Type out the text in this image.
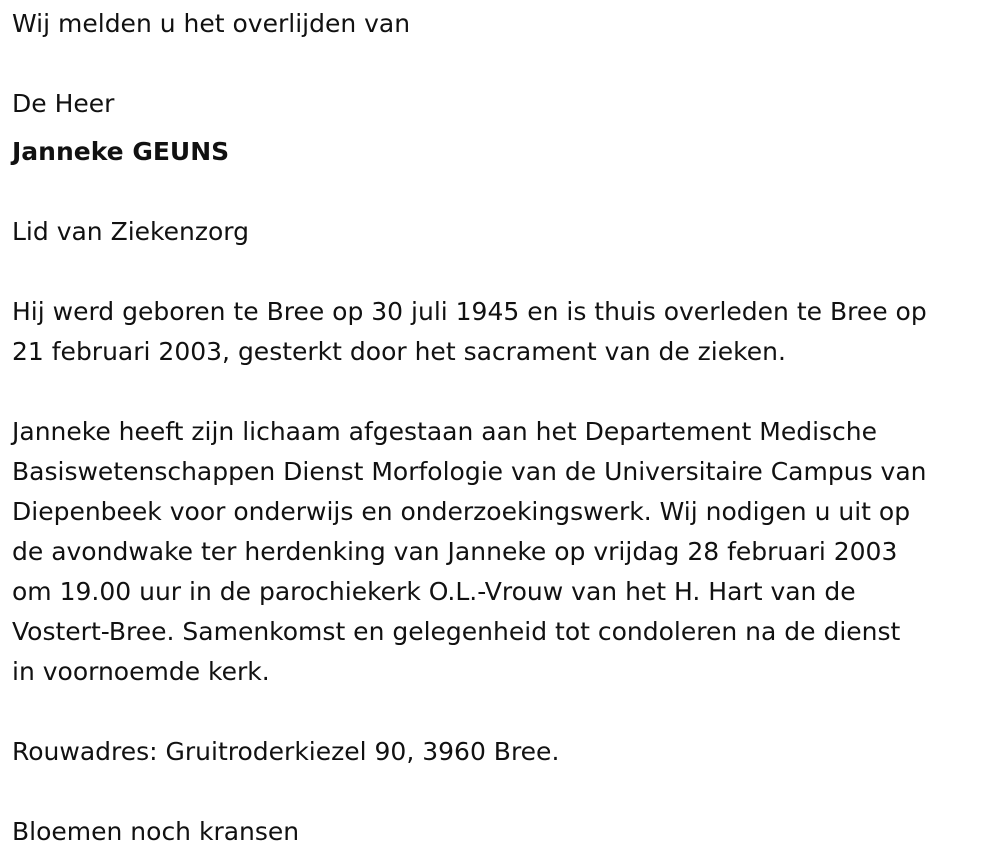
Wij melden u het overlijden van
De Heer
Janneke GEUNS
Lid van Ziekenzorg
Hij werd geboren te Bree op 30 juli 1945 en is thuis overleden te Bree op
21 februari 2003, gesterkt door het sacrament van de zieken.
Janneke heeft zijn lichaam afgestaan aan het Departement Medische
Basiswetenschappen Dienst Morfologie van de Universitaire Campus van
Diepenbeek voor onderwijs en onderzoekingswerk. Wij nodigen u uit op
de avondwake ter herdenking van Janneke op vrijdag 28 februari 2003
om 19.00 uur in de parochiekerk O.L.-Vrouw van het H. Hart van de
Vostert-Bree. Samenkomst en gelegenheid tot condoleren na de dienst
in voornoemde kerk.
Rouwadres: Gruitroderkiezel 90, 3960 Bree.
Bloemen noch kransen
